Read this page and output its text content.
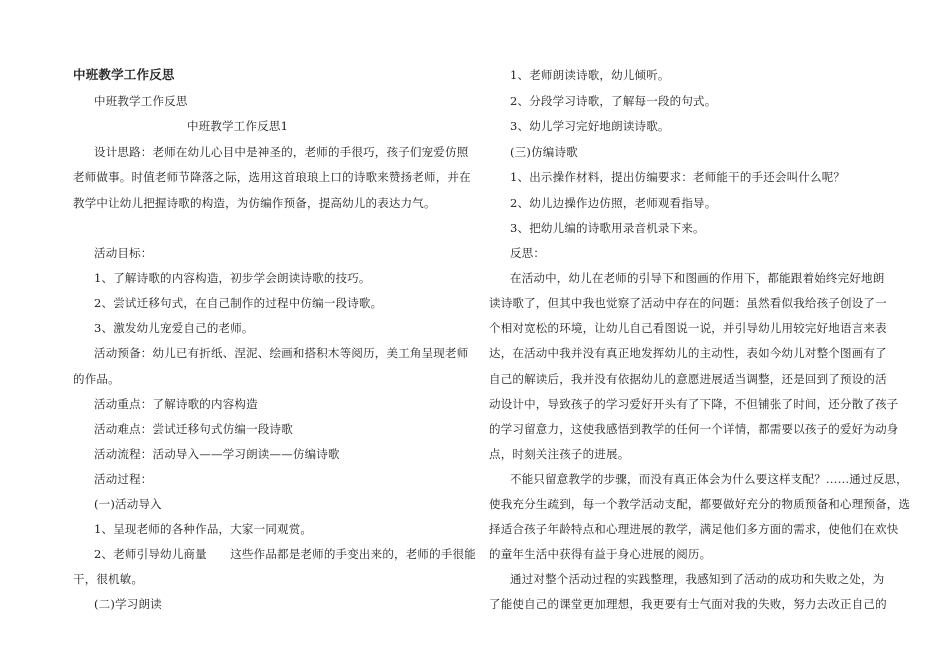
中班教学工作反思
中班教学工作反思
中班教学工作反思1
设计思路：老师在幼儿心目中是神圣的，老师的手很巧，孩子们宠爱仿照
老师做事。时值老师节降落之际，选用这首琅琅上口的诗歌来赞扬老师，并在
教学中让幼儿把握诗歌的构造，为仿编作预备，提高幼儿的表达力气。
活动目标：
1、了解诗歌的内容构造，初步学会朗读诗歌的技巧。
2、尝试迁移句式，在自己制作的过程中仿编一段诗歌。
3、激发幼儿宠爱自己的老师。
活动预备：幼儿已有折纸、涅泥、绘画和搭积木等阅历，美工角呈现老师
的作品。
活动重点：了解诗歌的内容构造
活动难点：尝试迁移句式仿编一段诗歌
活动流程：活动导入——学习朗读——仿编诗歌
活动过程：
(一)活动导入
1、呈现老师的各种作品，大家一同观赏。
2、老师引导幼儿商量　　这些作品都是老师的手变出来的，老师的手很能
干，很机敏。
(二)学习朗读
1、老师朗读诗歌，幼儿倾听。
2、分段学习诗歌，了解每一段的句式。
3、幼儿学习完好地朗读诗歌。
(三)仿编诗歌
1、出示操作材料，提出仿编要求：老师能干的手还会叫什么呢？
2、幼儿边操作边仿照，老师观看指导。
3、把幼儿编的诗歌用录音机录下来。
反思：
在活动中，幼儿在老师的引导下和图画的作用下，都能跟着始终完好地朗
读诗歌了，但其中我也觉察了活动中存在的问题：虽然看似我给孩子创设了一
个相对宽松的环境，让幼儿自己看图说一说，并引导幼儿用较完好地语言来表
达，在活动中我并没有真正地发挥幼儿的主动性，表如今幼儿对整个图画有了
自己的解读后，我并没有依据幼儿的意愿进展适当调整，还是回到了预设的活
动设计中，导致孩子的学习爱好开头有了下降，不但铺张了时间，还分散了孩子
的学习留意力，这使我感悟到教学的任何一个详情，都需要以孩子的爱好为动身
点，时刻关注孩子的进展。
不能只留意教学的步骤，而没有真正体会为什么要这样支配？……通过反思，
使我充分生疏到，每一个教学活动支配，都要做好充分的物质预备和心理预备，选
择适合孩子年龄特点和心理进展的教学，满足他们多方面的需求，使他们在欢快
的童年生活中获得有益于身心进展的阅历。
通过对整个活动过程的实践整理，我感知到了活动的成功和失败之处，为
了能使自己的课堂更加理想，我更要有士气面对我的失败，努力去改正自己的
